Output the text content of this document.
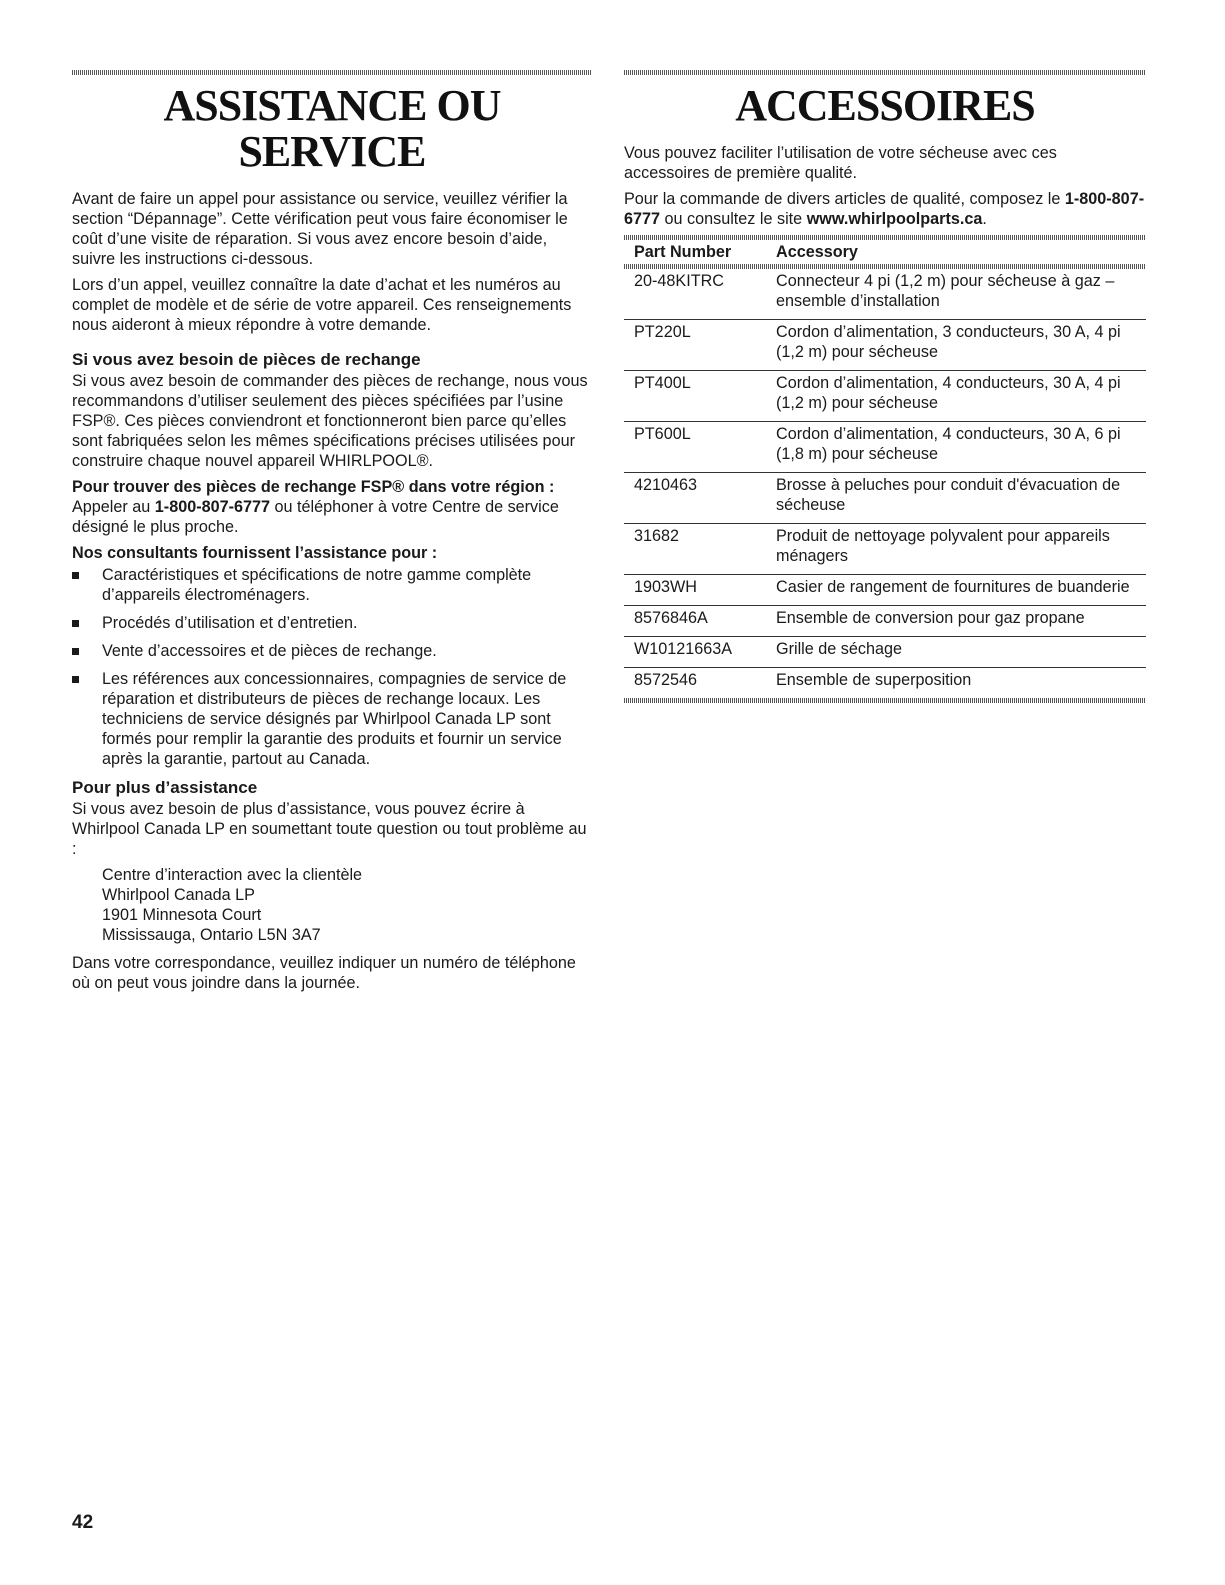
ASSISTANCE OU SERVICE

Avant de faire un appel pour assistance ou service, veuillez vérifier la section “Dépannage”. Cette vérification peut vous faire économiser le coût d’une visite de réparation. Si vous avez encore besoin d’aide, suivre les instructions ci-dessous.

Lors d’un appel, veuillez connaître la date d’achat et les numéros au complet de modèle et de série de votre appareil. Ces renseignements nous aideront à mieux répondre à votre demande.

Si vous avez besoin de pièces de rechange

Si vous avez besoin de commander des pièces de rechange, nous vous recommandons d’utiliser seulement des pièces spécifiées par l’usine FSP®. Ces pièces conviendront et fonctionneront bien parce qu’elles sont fabriquées selon les mêmes spécifications précises utilisées pour construire chaque nouvel appareil WHIRLPOOL®.

Pour trouver des pièces de rechange FSP® dans votre région :

Appeler au 1-800-807-6777 ou téléphoner à votre Centre de service désigné le plus proche.

Nos consultants fournissent l’assistance pour :
Caractéristiques et spécifications de notre gamme complète d’appareils électroménagers.
Procédés d’utilisation et d’entretien.
Vente d’accessoires et de pièces de rechange.
Les références aux concessionnaires, compagnies de service de réparation et distributeurs de pièces de rechange locaux. Les techniciens de service désignés par Whirlpool Canada LP sont formés pour remplir la garantie des produits et fournir un service après la garantie, partout au Canada.
Pour plus d’assistance

Si vous avez besoin de plus d’assistance, vous pouvez écrire à Whirlpool Canada LP en soumettant toute question ou tout problème au :

Centre d’interaction avec la clientèle
Whirlpool Canada LP
1901 Minnesota Court
Mississauga, Ontario L5N 3A7

Dans votre correspondance, veuillez indiquer un numéro de téléphone où on peut vous joindre dans la journée.

ACCESSOIRES

Vous pouvez faciliter l’utilisation de votre sécheuse avec ces accessoires de première qualité.

Pour la commande de divers articles de qualité, composez le 1-800-807-6777 ou consultez le site www.whirlpoolparts.ca.

Part Number	Accessory

20-48KITRC	Connecteur 4 pi (1,2 m) pour sécheuse à gaz – ensemble d’installation
PT220L	Cordon d’alimentation, 3 conducteurs, 30 A, 4 pi (1,2 m) pour sécheuse
PT400L	Cordon d’alimentation, 4 conducteurs, 30 A, 4 pi (1,2 m) pour sécheuse
PT600L	Cordon d’alimentation, 4 conducteurs, 30 A, 6 pi (1,8 m) pour sécheuse
4210463	Brosse à peluches pour conduit d'évacuation de sécheuse
31682	Produit de nettoyage polyvalent pour appareils ménagers
1903WH	Casier de rangement de fournitures de buanderie
8576846A	Ensemble de conversion pour gaz propane
W10121663A	Grille de séchage
8572546	Ensemble de superposition
42
